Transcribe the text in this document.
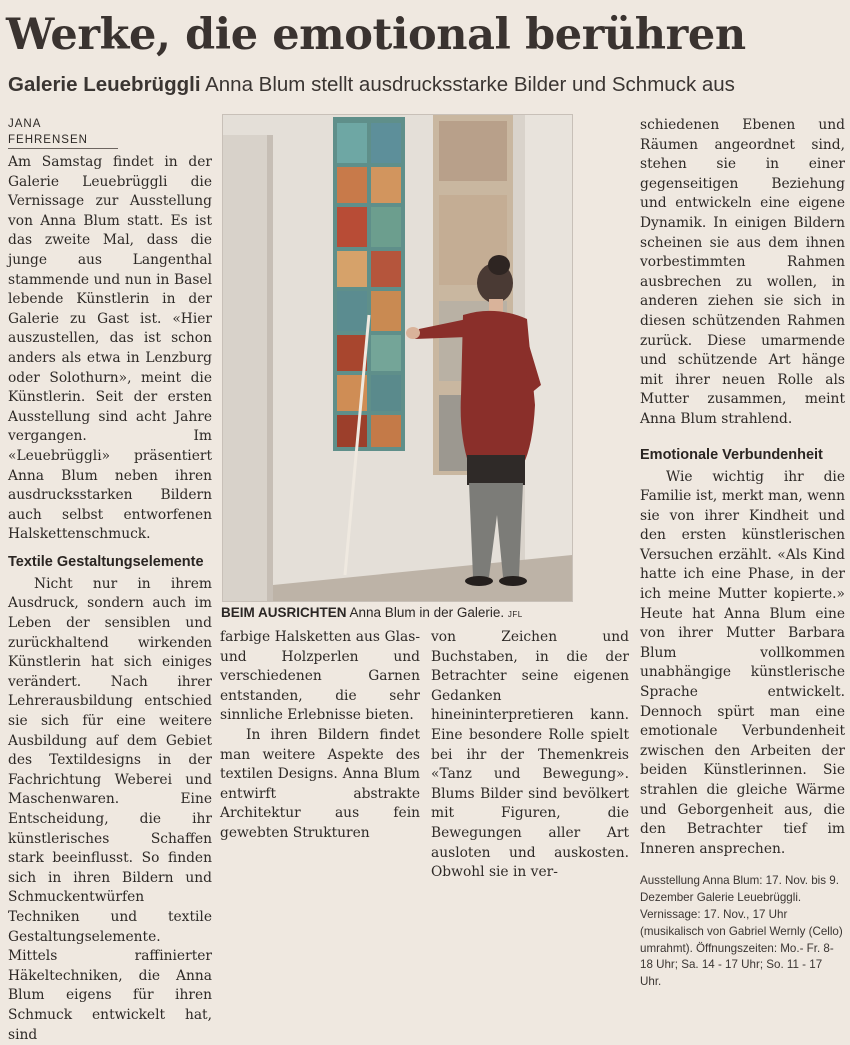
Werke, die emotional berühren
Galerie Leuebrüggli Anna Blum stellt ausdrucksstarke Bilder und Schmuck aus

JANA FEHRENSEN

Am Samstag findet in der Galerie Leuebrüggli die Vernissage zur Ausstellung von Anna Blum statt. Es ist das zweite Mal, dass die junge aus Langenthal stammende und nun in Basel lebende Künstlerin in der Galerie zu Gast ist. «Hier auszustellen, das ist schon anders als etwa in Lenzburg oder Solothurn», meint die Künstlerin. Seit der ersten Ausstellung sind acht Jahre vergangen. Im «Leuebrüggli» präsentiert Anna Blum neben ihren ausdrucksstarken Bildern auch selbst entworfenen Halskettenschmuck.

Textile Gestaltungselemente

Nicht nur in ihrem Ausdruck, sondern auch im Leben der sensiblen und zurückhaltend wirkenden Künstlerin hat sich einiges verändert. Nach ihrer Lehrerausbildung entschied sie sich für eine weitere Ausbildung auf dem Gebiet des Textildesigns in der Fachrichtung Weberei und Maschenwaren. Eine Entscheidung, die ihr künstlerisches Schaffen stark beeinflusst. So finden sich in ihren Bildern und Schmuckentwürfen Techniken und textile Gestaltungselemente. Mittels raffinierter Häkeltechniken, die Anna Blum eigens für ihren Schmuck entwickelt hat, sind

BEIM AUSRICHTEN Anna Blum in der Galerie. JFL

farbige Halsketten aus Glas- und Holzperlen und verschiedenen Garnen entstanden, die sehr sinnliche Erlebnisse bieten.

In ihren Bildern findet man weitere Aspekte des textilen Designs. Anna Blum entwirft abstrakte Architektur aus fein gewebten Strukturen

von Zeichen und Buchstaben, in die der Betrachter seine eigenen Gedanken hineininterpretieren kann. Eine besondere Rolle spielt bei ihr der Themenkreis «Tanz und Bewegung». Blums Bilder sind bevölkert mit Figuren, die Bewegungen aller Art ausloten und auskosten. Obwohl sie in ver-

schiedenen Ebenen und Räumen angeordnet sind, stehen sie in einer gegenseitigen Beziehung und entwickeln eine eigene Dynamik. In einigen Bildern scheinen sie aus dem ihnen vorbestimmten Rahmen ausbrechen zu wollen, in anderen ziehen sie sich in diesen schützenden Rahmen zurück. Diese umarmende und schützende Art hänge mit ihrer neuen Rolle als Mutter zusammen, meint Anna Blum strahlend.

Emotionale Verbundenheit

Wie wichtig ihr die Familie ist, merkt man, wenn sie von ihrer Kindheit und den ersten künstlerischen Versuchen erzählt. «Als Kind hatte ich eine Phase, in der ich meine Mutter kopierte.» Heute hat Anna Blum eine von ihrer Mutter Barbara Blum vollkommen unabhängige künstlerische Sprache entwickelt. Dennoch spürt man eine emotionale Verbundenheit zwischen den Arbeiten der beiden Künstlerinnen. Sie strahlen die gleiche Wärme und Geborgenheit aus, die den Betrachter tief im Inneren ansprechen.

Ausstellung Anna Blum: 17. Nov. bis 9. Dezember Galerie Leuebrüggli. Vernissage: 17. Nov., 17 Uhr (musikalisch von Gabriel Wernly (Cello) umrahmt). Öffnungszeiten: Mo.- Fr. 8-18 Uhr; Sa. 14 - 17 Uhr; So. 11 - 17 Uhr.
